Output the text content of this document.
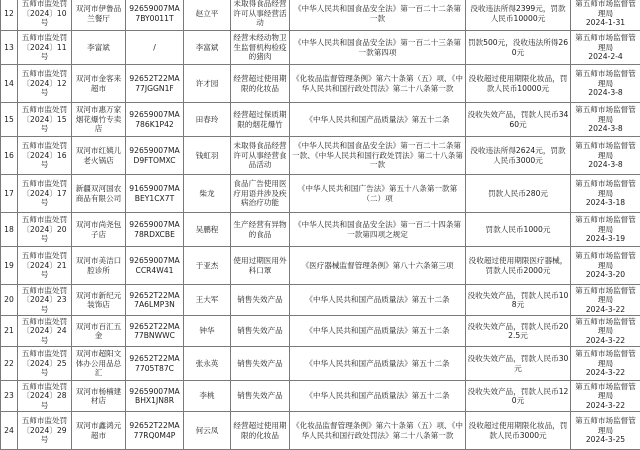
12	五师市监处罚〔2024〕10号	双河市伊鲁品兰餐厅	92659007MA7BY0011T	赵立平	未取得食品经营许可从事经营活动	《中华人民共和国食品安全法》第一百二十二条第一款	没收违法所得2399元，罚款人民币10000元	第五师市场监督管理局
2024-1-31
13	五师市监处罚〔2024〕11号	李富斌	/	李富斌	经营未经动物卫生监督机构检疫的猪肉	《中华人民共和国食品安全法》第一百二十三条第一款第四项	罚款500元，没收违法所得260元	第五师市场监督管理局
2024-2-4
14	五师市监处罚〔2024〕12号	双河市金客来超市	92652T22MA77JGGN1F	许才园	经营超过使用期限的化妆品	《化妆品监督管理条例》第六十条第（五）项、《中华人民共和国行政处罚法》第二十八条第一款	没收超过使用期限化妆品，罚款人民币10000元	第五师市场监督管理局
2024-3-8
15	五师市监处罚〔2024〕15号	双河市惠万家烟花爆竹专卖店	92659007MA786K1P42	田春玲	经营超过保质期限的烟花爆竹	《中华人民共和国产品质量法》第五十二条	没收失效产品，罚款人民币3460元	第五师市场监督管理局
2024-3-8
16	五师市监处罚〔2024〕16号	双河市红姨儿老火锅店	92659007MAD9FTOMXC	钱虹羽	未取得食品经营许可从事经营食品活动	《中华人民共和国食品安全法》第一百二十二条第一款、《中华人民共和国行政处罚法》第二十八条第一款	没收违法所得2624元，罚款人民币3000元	第五师市场监督管理局
2024-3-8
17	五师市监处罚〔2024〕17号	新疆双河国农商品有限公司	91659007MABEY1CX7T	柴龙	食品广告使用医疗用语并涉及疾病治疗功能	《中华人民共和国广告法》第五十八条第一款第（二）项	罚款人民币280元	第五师市场监督管理局
2024-3-18
18	五师市监处罚〔2024〕20号	双河市尚尧包子店	92659007MA78RDXCBE	吴鹏程	生产经营有异物的食品	《中华人民共和国食品安全法》第一百二十四条第一款第四项之规定	罚款人民币1000元	第五师市场监督管理局
2024-3-19
19	五师市监处罚〔2024〕21号	双河市美洁口腔诊所	92659007MACCR4W41	于亚杰	使用过期医用外科口罩	《医疗器械监督管理条例》第八十六条第三项	没收超过使用期限医疗器械，罚款人民币2000元	第五师市场监督管理局
2024-3-20
20	五师市监处罚〔2024〕23号	双河市新纪元装饰店	92652T22MA7A6LMP3N	王大军	销售失效产品	《中华人民共和国产品质量法》第五十二条	没收失效产品，罚款人民币108元	第五师市场监督管理局
2024-3-22
21	五师市监处罚〔2024〕24号	双河市百汇五金	92652T22MA77BNWWC	钟华	销售失效产品	《中华人民共和国产品质量法》第五十二条	没收失效产品，罚款人民币202.5元	第五师市场监督管理局
2024-3-22
22	五师市监处罚〔2024〕25号	双河市超阳文体办公用品总汇	92652T22MA7705T87C	张永英	销售失效产品	《中华人民共和国产品质量法》第五十二条	没收失效产品，罚款人民币30元	第五师市场监督管理局
2024-3-22
23	五师市监处罚〔2024〕28号	双河市杨楠建材店	92659007MABHX1JN8R	李桃	销售失效产品	《中华人民共和国产品质量法》第五十二条	没收失效产品，罚款人民币120元	第五师市场监督管理局
2024-3-22
24	五师市监处罚〔2024〕29号	双河市鑫鸿元超市	92652T22MA77RQ0M4P	何云凤	经营超过使用期限的化妆品	《化妆品监督管理条例》第六十条第（五）项、《中华人民共和国行政处罚法》第二十八条第一款	没收超过使用期限化妆品，罚款人民币3000元	第五师市场监督管理局
2024-3-25
